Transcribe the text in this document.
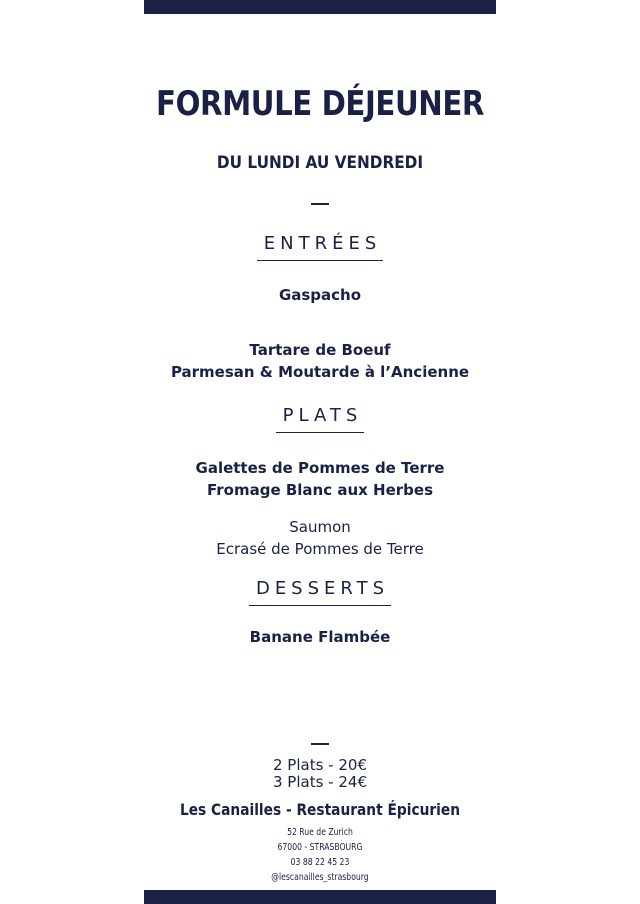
FORMULE DÉJEUNER
DU LUNDI AU VENDREDI
ENTRÉES
Gaspacho
Tartare de Boeuf
Parmesan & Moutarde à l’Ancienne
PLATS
Galettes de Pommes de Terre
Fromage Blanc aux Herbes
Saumon
Ecrasé de Pommes de Terre
DESSERTS
Banane Flambée
2 Plats - 20€
3 Plats - 24€
Les Canailles - Restaurant Épicurien
52 Rue de Zurich
67000 - STRASBOURG
03 88 22 45 23
@lescanailles_strasbourg
